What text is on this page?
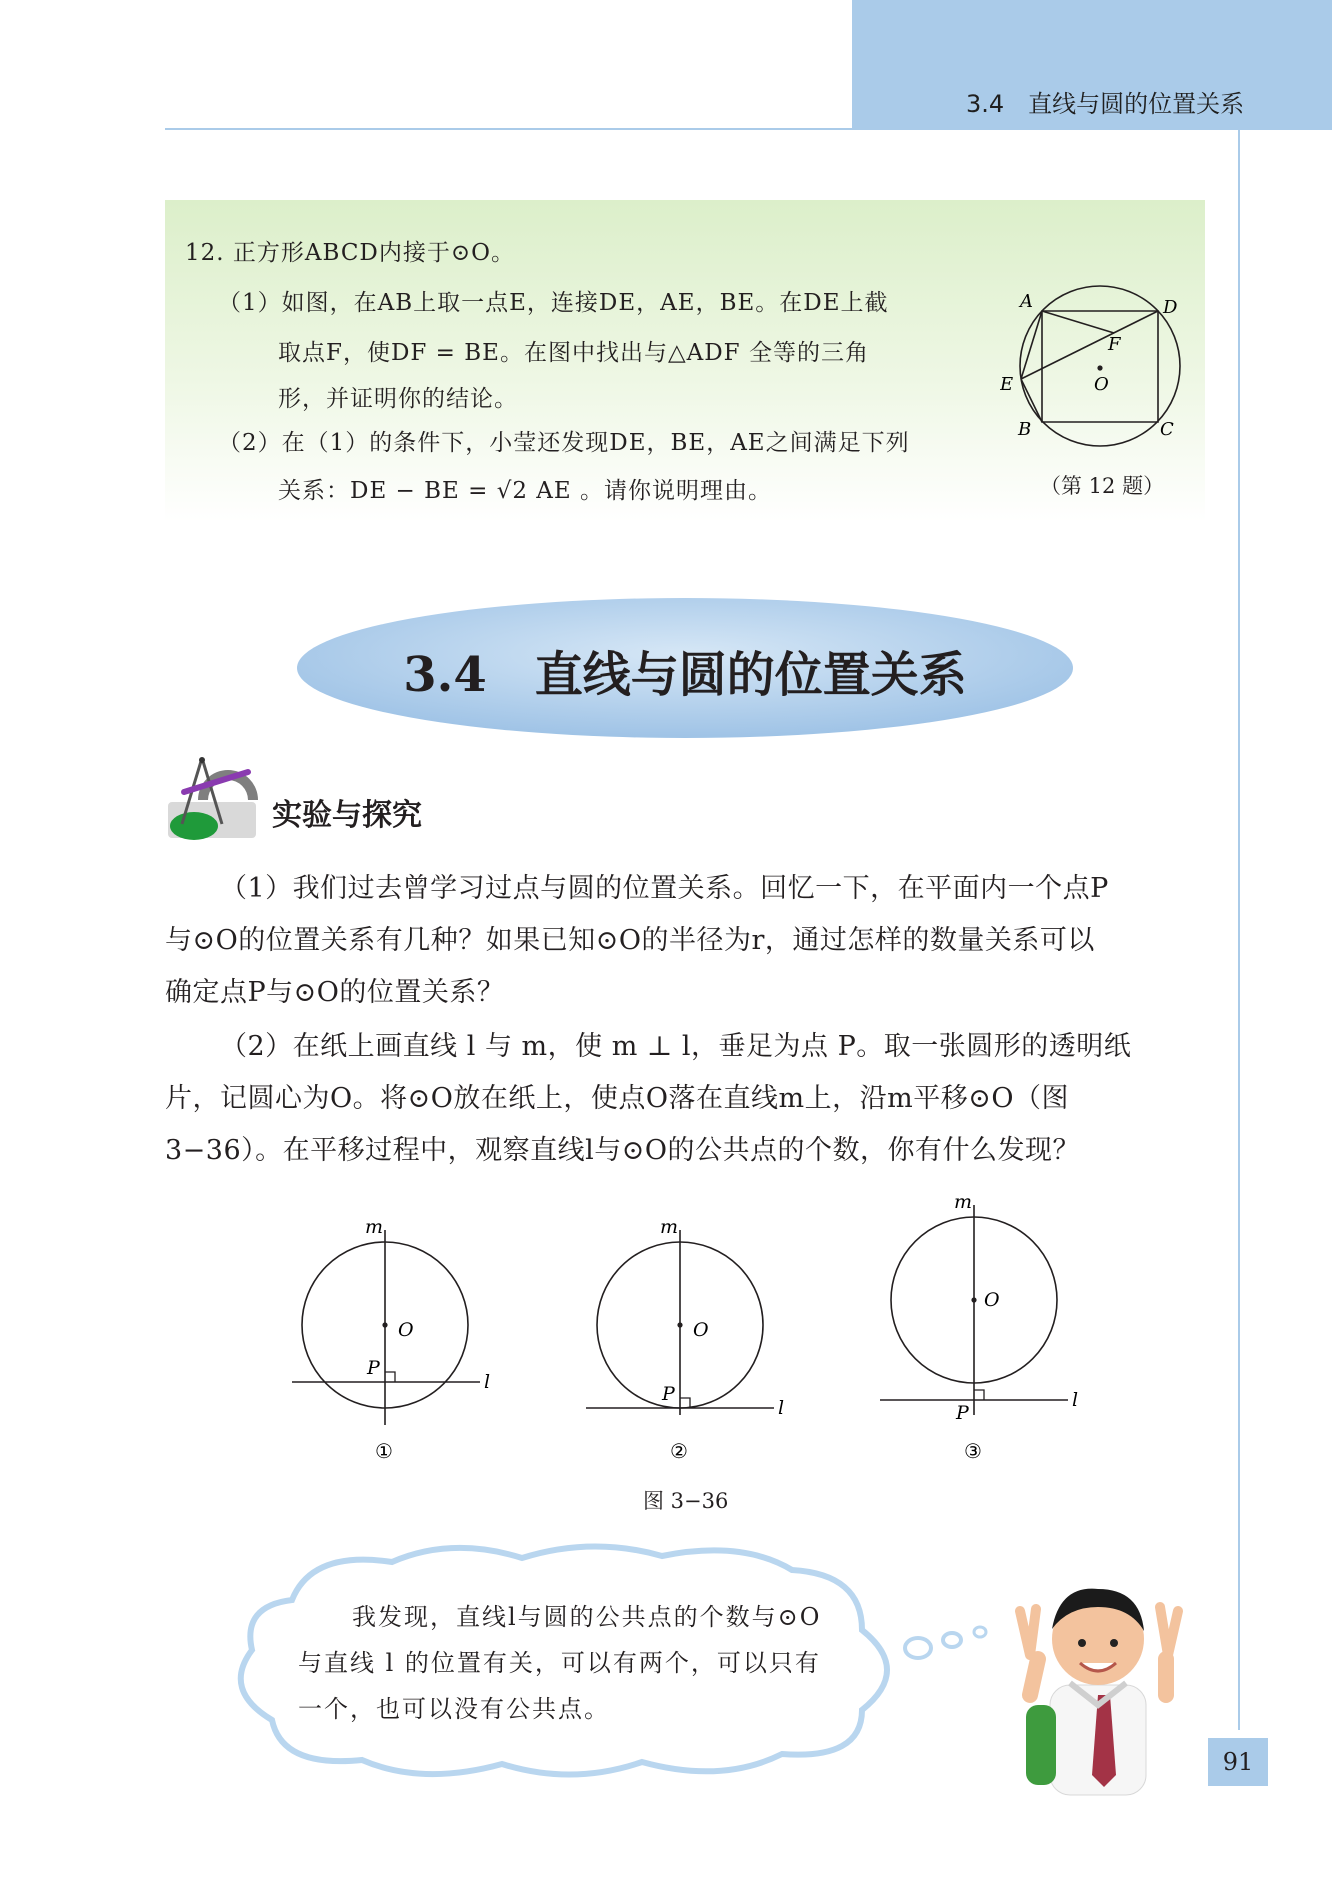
3.4　直线与圆的位置关系
12. 正方形ABCD内接于⊙O。
（1）如图，在AB上取一点E，连接DE，AE，BE。在DE上截
取点F，使DF = BE。在图中找出与△ADF 全等的三角
形，并证明你的结论。
（2）在（1）的条件下，小莹还发现DE，BE，AE之间满足下列
关系：DE − BE = √2 AE 。请你说明理由。
A	D
F
O
E
B	C
（第 12 题）
3.4　直线与圆的位置关系
实验与探究
（1）我们过去曾学习过点与圆的位置关系。回忆一下，在平面内一个点P
与⊙O的位置关系有几种？如果已知⊙O的半径为r，通过怎样的数量关系可以
确定点P与⊙O的位置关系？
（2）在纸上画直线 l 与 m，使 m ⊥ l，垂足为点 P。取一张圆形的透明纸
片，记圆心为O。将⊙O放在纸上，使点O落在直线m上，沿m平移⊙O（图
3−36）。在平移过程中，观察直线l与⊙O的公共点的个数，你有什么发现？
m
O
P
l
①
m
O
P
l
②
m
O
P
l
③
图 3−36
我发现，直线l与圆的公共点的个数与⊙O
与直线 l 的位置有关，可以有两个，可以只有
一个，也可以没有公共点。
91
